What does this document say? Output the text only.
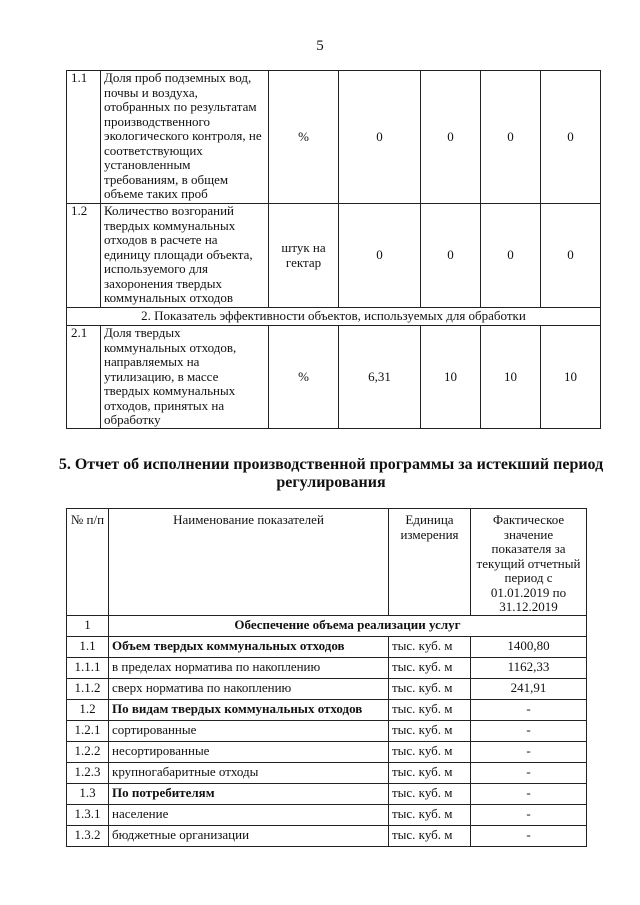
5
1.1	Доля проб подземных вод, почвы и воздуха, отобранных по результатам производственного экологического контроля, не соответствующих установленным требованиям, в общем объеме таких проб	%	0	0	0	0
1.2	Количество возгораний твердых коммунальных отходов в расчете на единицу площади объекта, используемого для захоронения твердых коммунальных отходов	штук на гектар	0	0	0	0
2. Показатель эффективности объектов, используемых для обработки						
2.1	Доля твердых коммунальных отходов, направляемых на утилизацию, в массе твердых коммунальных отходов, принятых на обработку	%	6,31	10	10	10
5. Отчет об исполнении производственной программы за истекший период регулирования
№ п/п	Наименование показателей	Единица измерения	Фактическое значение показателя за текущий отчетный период с 01.01.2019 по 31.12.2019
1	Обеспечение объема реализации услуг		
1.1	Объем твердых коммунальных отходов	тыс. куб. м	1400,80
1.1.1	в пределах норматива по накоплению	тыс. куб. м	1162,33
1.1.2	сверх норматива по накоплению	тыс. куб. м	241,91
1.2	По видам твердых коммунальных отходов	тыс. куб. м	-
1.2.1	сортированные	тыс. куб. м	-
1.2.2	несортированные	тыс. куб. м	-
1.2.3	крупногабаритные отходы	тыс. куб. м	-
1.3	По потребителям	тыс. куб. м	-
1.3.1	население	тыс. куб. м	-
1.3.2	бюджетные организации	тыс. куб. м	-
